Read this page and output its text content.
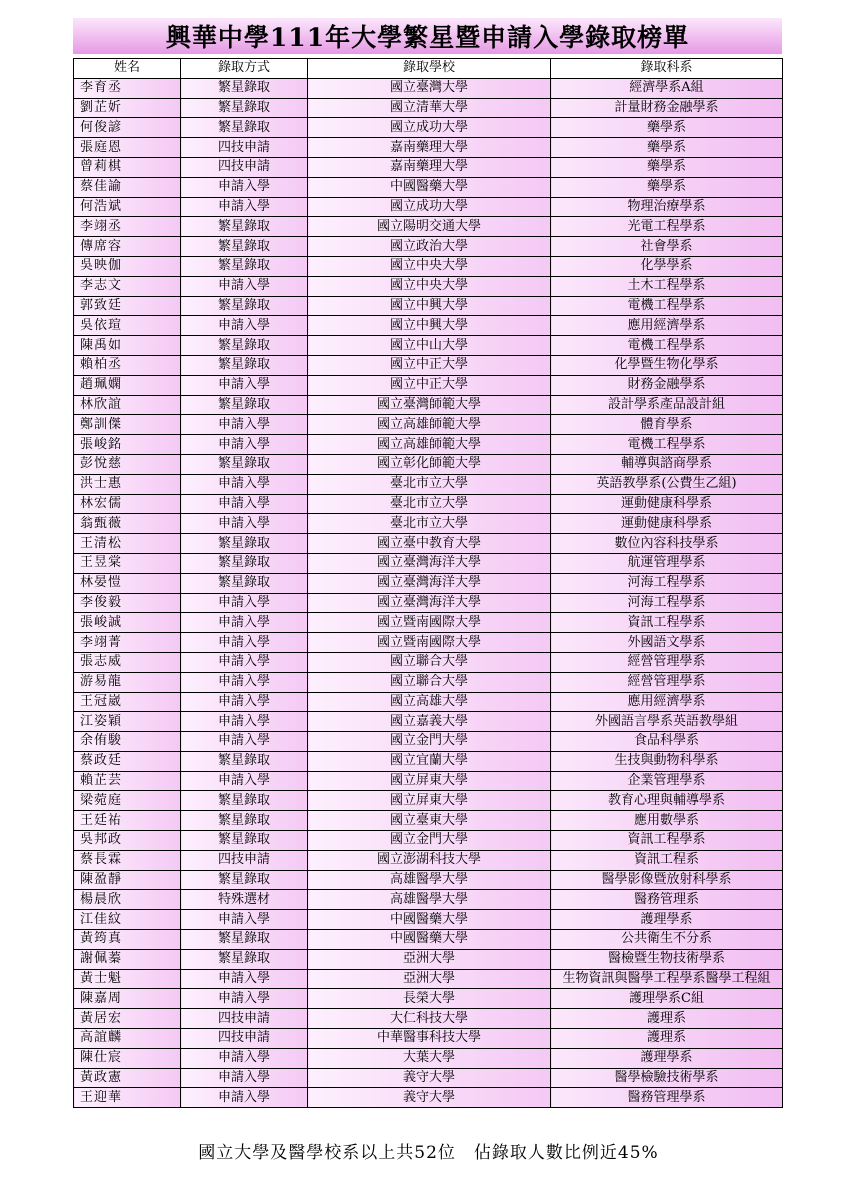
興華中學111年大學繁星暨申請入學錄取榜單
姓名	錄取方式	錄取學校	錄取科系
李育丞	繁星錄取	國立臺灣大學	經濟學系A組
劉芷妡	繁星錄取	國立清華大學	計量財務金融學系
何俊諺	繁星錄取	國立成功大學	藥學系
張庭恩	四技申請	嘉南藥理大學	藥學系
曾莉棋	四技申請	嘉南藥理大學	藥學系
蔡佳諭	申請入學	中國醫藥大學	藥學系
何浩斌	申請入學	國立成功大學	物理治療學系
李翊丞	繁星錄取	國立陽明交通大學	光電工程學系
傳席容	繁星錄取	國立政治大學	社會學系
吳映伽	繁星錄取	國立中央大學	化學學系
李志文	申請入學	國立中央大學	土木工程學系
郭致廷	繁星錄取	國立中興大學	電機工程學系
吳依瑄	申請入學	國立中興大學	應用經濟學系
陳禹如	繁星錄取	國立中山大學	電機工程學系
賴柏丞	繁星錄取	國立中正大學	化學暨生物化學系
趙珮嫻	申請入學	國立中正大學	財務金融學系
林欣誼	繁星錄取	國立臺灣師範大學	設計學系產品設計組
鄭訓傑	申請入學	國立高雄師範大學	體育學系
張峻銘	申請入學	國立高雄師範大學	電機工程學系
彭悅慈	繁星錄取	國立彰化師範大學	輔導與諮商學系
洪士惠	申請入學	臺北市立大學	英語教學系(公費生乙組)
林宏儒	申請入學	臺北市立大學	運動健康科學系
翁甄薇	申請入學	臺北市立大學	運動健康科學系
王清松	繁星錄取	國立臺中教育大學	數位內容科技學系
王昱棠	繁星錄取	國立臺灣海洋大學	航運管理學系
林晏愷	繁星錄取	國立臺灣海洋大學	河海工程學系
李俊毅	申請入學	國立臺灣海洋大學	河海工程學系
張峻誠	申請入學	國立暨南國際大學	資訊工程學系
李翊菁	申請入學	國立暨南國際大學	外國語文學系
張志威	申請入學	國立聯合大學	經營管理學系
游易龍	申請入學	國立聯合大學	經營管理學系
王冠崴	申請入學	國立高雄大學	應用經濟學系
江姿穎	申請入學	國立嘉義大學	外國語言學系英語教學組
余侑駿	申請入學	國立金門大學	食品科學系
蔡政廷	繁星錄取	國立宜蘭大學	生技與動物科學系
賴芷芸	申請入學	國立屏東大學	企業管理學系
梁菀庭	繁星錄取	國立屏東大學	教育心理與輔導學系
王廷祐	繁星錄取	國立臺東大學	應用數學系
吳邦政	繁星錄取	國立金門大學	資訊工程學系
蔡長霖	四技申請	國立澎湖科技大學	資訊工程系
陳盈靜	繁星錄取	高雄醫學大學	醫學影像暨放射科學系
楊晨欣	特殊選材	高雄醫學大學	醫務管理系
江佳紋	申請入學	中國醫藥大學	護理學系
黃筠真	繁星錄取	中國醫藥大學	公共衛生不分系
謝佩蓁	繁星錄取	亞洲大學	醫檢暨生物技術學系
黃士魁	申請入學	亞洲大學	生物資訊與醫學工程學系醫學工程組
陳嘉周	申請入學	長榮大學	護理學系C組
黃居宏	四技申請	大仁科技大學	護理系
高誼麟	四技申請	中華醫事科技大學	護理系
陳仕宸	申請入學	大葉大學	護理學系
黃政憲	申請入學	義守大學	醫學檢驗技術學系
王迎華	申請入學	義守大學	醫務管理學系
國立大學及醫學校系以上共52位　佔錄取人數比例近45%
